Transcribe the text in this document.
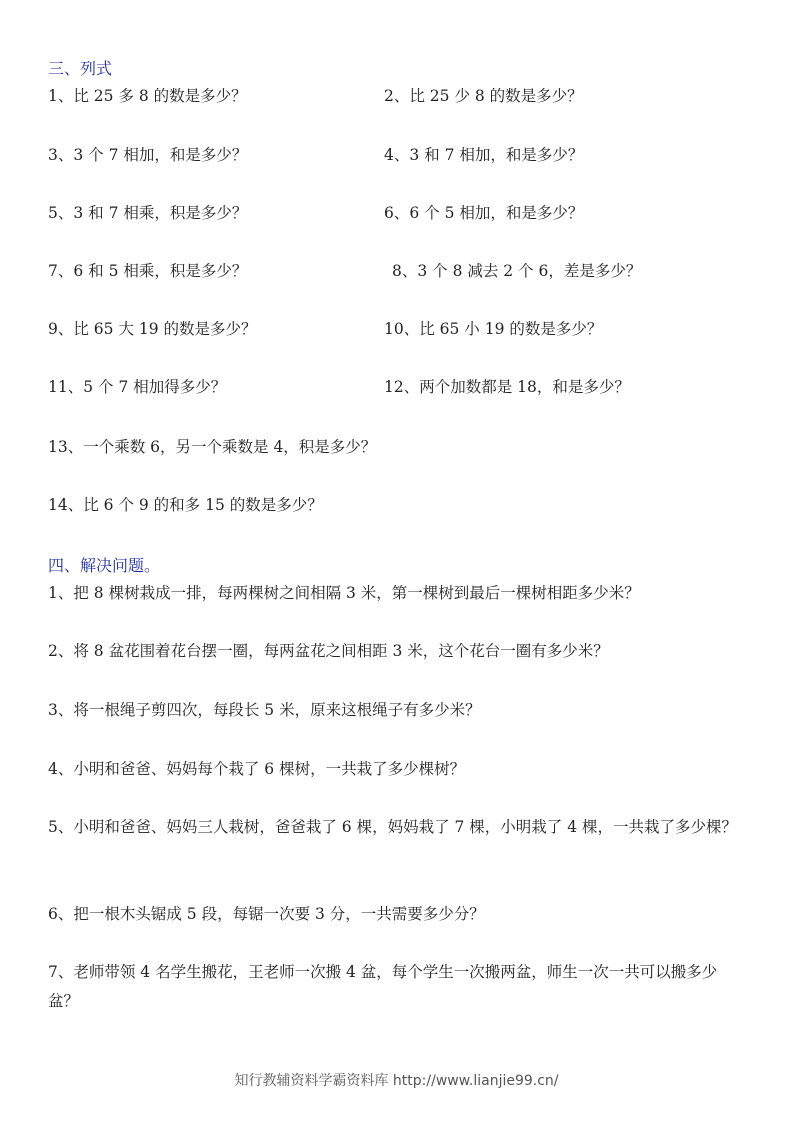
三、列式
1、比 25 多 8 的数是多少？	2、比 25 少 8 的数是多少？
3、3 个 7 相加，和是多少？	4、3 和 7 相加，和是多少？
5、3 和 7 相乘，积是多少？	6、6 个 5 相加，和是多少？
7、6 和 5 相乘，积是多少？	8、3 个 8 减去 2 个 6，差是多少？
9、比 65 大 19 的数是多少？	10、比 65 小 19 的数是多少？
11、5 个 7 相加得多少？	12、两个加数都是 18，和是多少？
13、一个乘数 6，另一个乘数是 4，积是多少？
14、比 6 个 9 的和多 15 的数是多少？
四、解决问题。
1、把 8 棵树栽成一排，每两棵树之间相隔 3 米，第一棵树到最后一棵树相距多少米？
2、将 8 盆花围着花台摆一圈，每两盆花之间相距 3 米，这个花台一圈有多少米？
3、将一根绳子剪四次，每段长 5 米，原来这根绳子有多少米？
4、小明和爸爸、妈妈每个栽了 6 棵树，一共栽了多少棵树？
5、小明和爸爸、妈妈三人栽树，爸爸栽了 6 棵，妈妈栽了 7 棵，小明栽了 4 棵，一共栽了多少棵？
6、把一根木头锯成 5 段，每锯一次要 3 分，一共需要多少分？
7、老师带领 4 名学生搬花，王老师一次搬 4 盆，每个学生一次搬两盆，师生一次一共可以搬多少盆？
知行教辅资料学霸资料库 http://www.lianjie99.cn/
